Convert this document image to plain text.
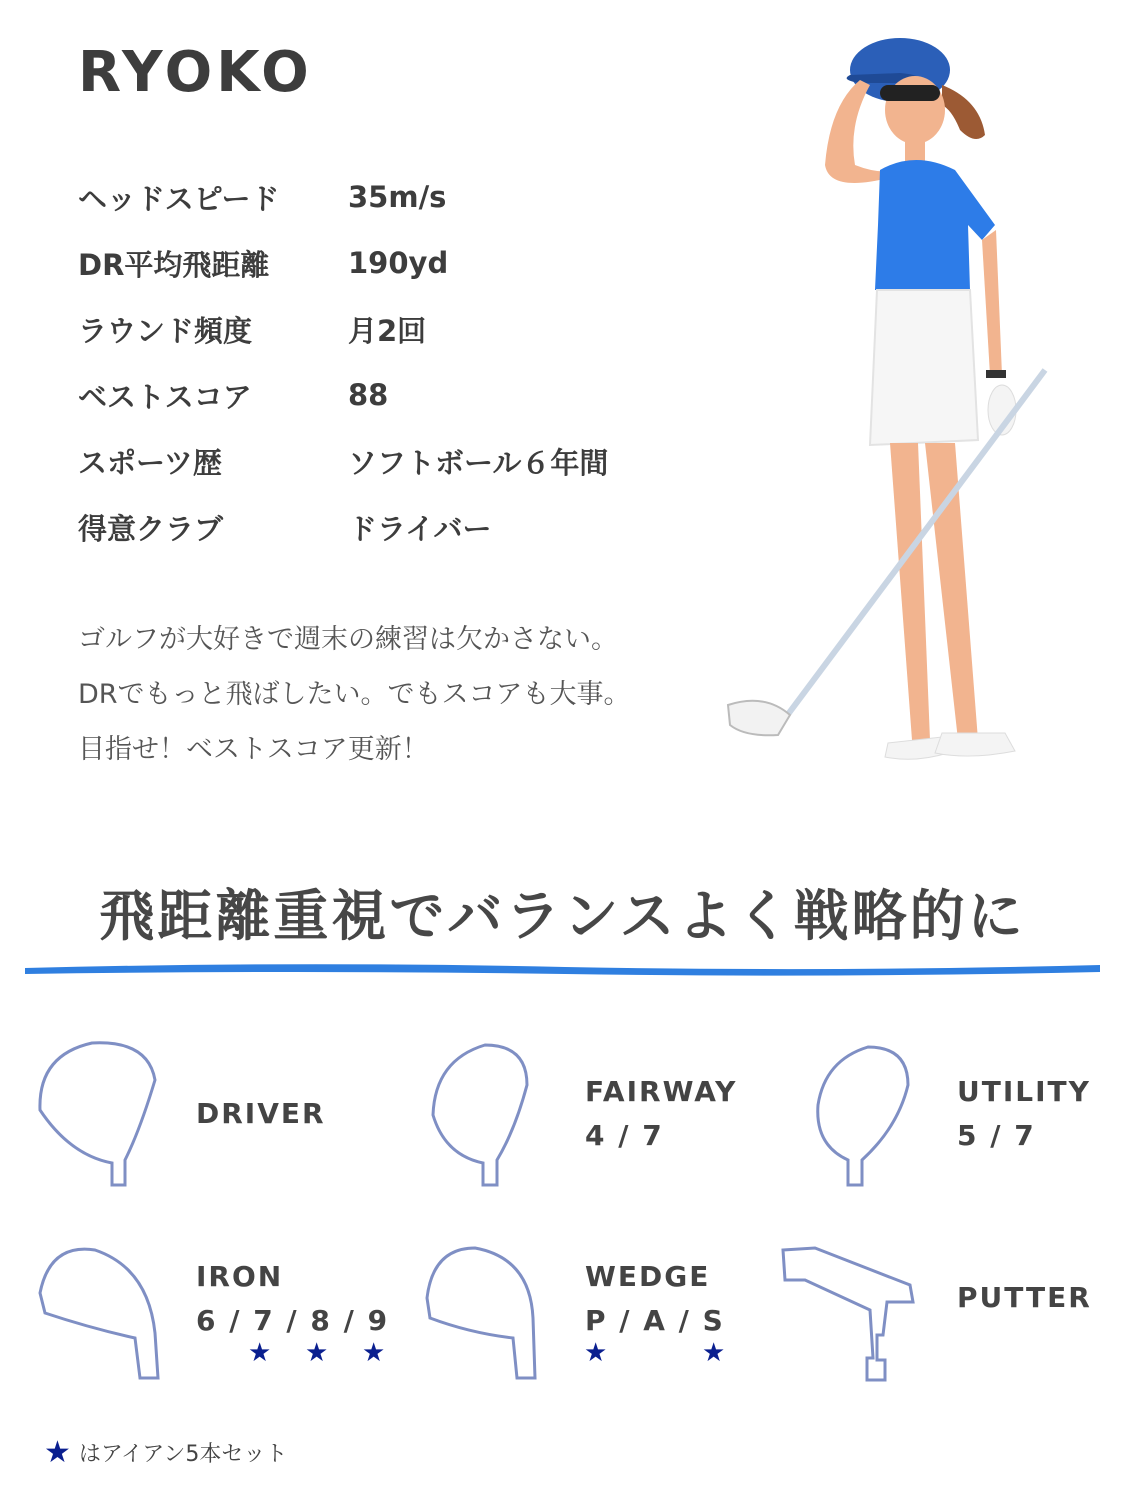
RYOKO
ヘッドスピード	35m/s
DR平均飛距離	190yd
ラウンド頻度	月2回
ベストスコア	88
スポーツ歴	ソフトボール６年間
得意クラブ	ドライバー
ゴルフが大好きで週末の練習は欠かさない。
DRでもっと飛ばしたい。でもスコアも大事。
目指せ！ベストスコア更新！
飛距離重視でバランスよく戦略的に
DRIVER
FAIRWAY
4 / 7
UTILITY
5 / 7
IRON
6 / 7 / 8 / 9
★ ★ ★
WEDGE
P / A / S
★	★
PUTTER
★ はアイアン5本セット
